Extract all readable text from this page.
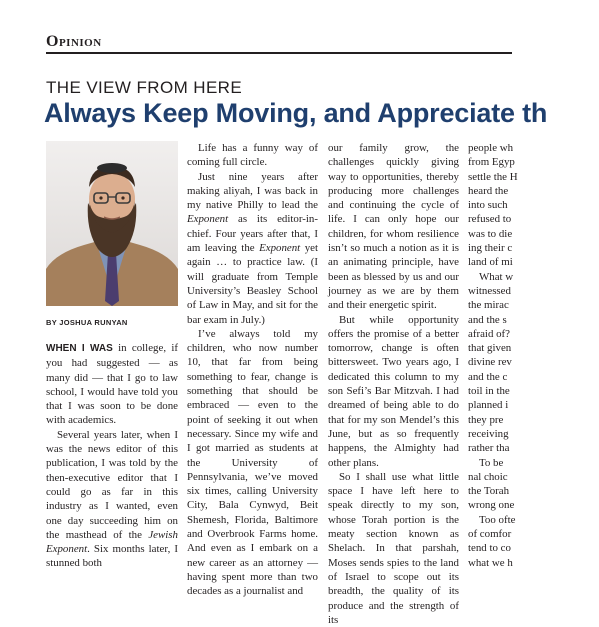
Opinion
THE VIEW FROM HERE
Always Keep Moving, and Appreciate th
BY JOSHUA RUNYAN

WHEN I WAS in college, if you had suggested — as many did — that I go to law school, I would have told you that I was soon to be done with academics.

Several years later, when I was the news editor of this publication, I was told by the then-executive editor that I could go as far in this industry as I wanted, even one day succeeding him on the masthead of the Jewish Exponent. Six months later, I stunned both

Life has a funny way of coming full circle.

Just nine years after making aliyah, I was back in my native Philly to lead the Exponent as its editor-in-chief. Four years after that, I am leaving the Exponent yet again … to practice law. (I will graduate from Temple University’s Beasley School of Law in May, and sit for the bar exam in July.)

I’ve always told my children, who now number 10, that far from being something to fear, change is something that should be embraced — even to the point of seeking it out when necessary. Since my wife and I got married as students at the University of Pennsylvania, we’ve moved six times, calling University City, Bala Cynwyd, Beit Shemesh, Florida, Baltimore and Overbrook Farms home. And even as I embark on a new career as an attorney — having spent more than two decades as a journalist and

our family grow, the challenges quickly giving way to opportunities, thereby producing more challenges and continuing the cycle of life. I can only hope our children, for whom resilience isn’t so much a notion as it is an animating principle, have been as blessed by us and our journey as we are by them and their energetic spirit.

But while opportunity offers the promise of a better tomorrow, change is often bittersweet. Two years ago, I dedicated this column to my son Sefi’s Bar Mitzvah. I had dreamed of being able to do that for my son Mendel’s this June, but as so frequently happens, the Almighty had other plans.

So I shall use what little space I have left here to speak directly to my son, whose Torah portion is the meaty section known as Shelach. In that parshah, Moses sends spies to the land of Israel to scope out its breadth, the quality of its produce and the strength of its

people wh
from Egyp
settle the H
heard the
into such
refused to
was to die
ing their c
land of mi
What w
witnessed
the mirac
and the s
afraid of?
that given
divine rev
and the c
toil in the
planned i
they pre
receiving
rather tha
To be
nal choic
the Torah
wrong one
Too ofte
of comfor
tend to co
what we h
